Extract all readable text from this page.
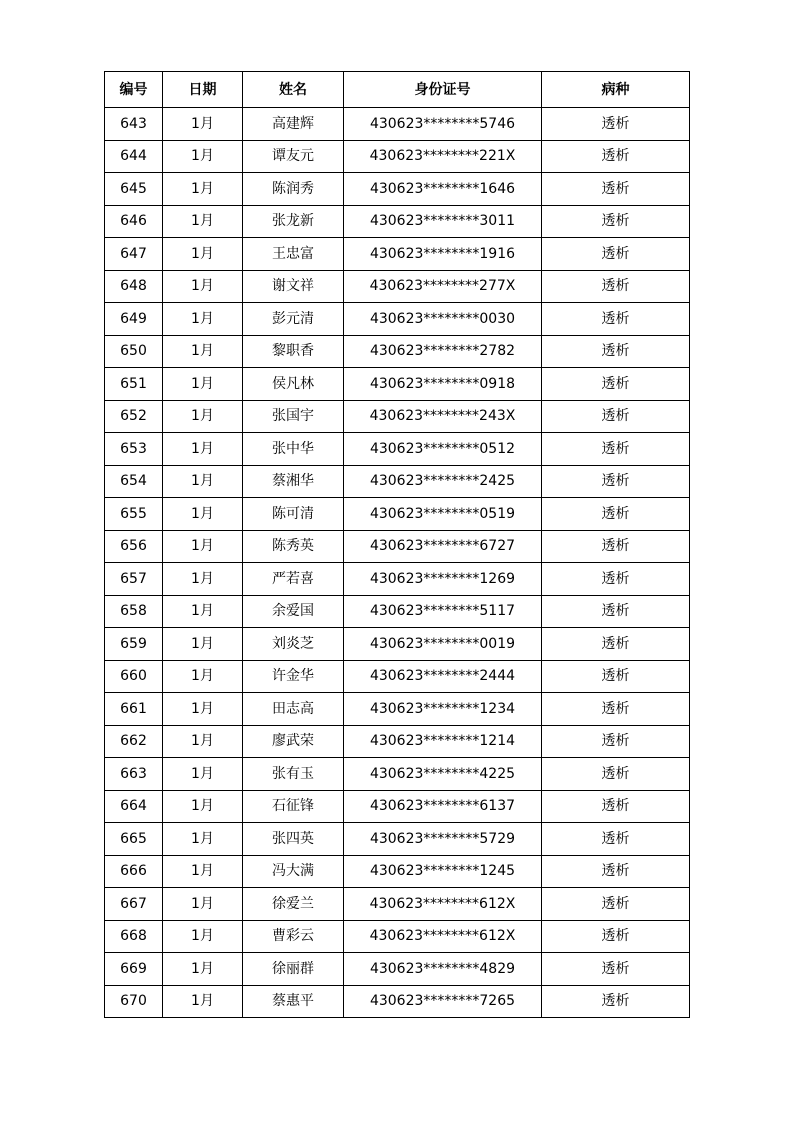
编号	日期	姓名	身份证号	病种
643	1月	高建辉	430623********5746	透析
644	1月	谭友元	430623********221X	透析
645	1月	陈润秀	430623********1646	透析
646	1月	张龙新	430623********3011	透析
647	1月	王忠富	430623********1916	透析
648	1月	谢文祥	430623********277X	透析
649	1月	彭元清	430623********0030	透析
650	1月	黎职香	430623********2782	透析
651	1月	侯凡林	430623********0918	透析
652	1月	张国宇	430623********243X	透析
653	1月	张中华	430623********0512	透析
654	1月	蔡湘华	430623********2425	透析
655	1月	陈可清	430623********0519	透析
656	1月	陈秀英	430623********6727	透析
657	1月	严若喜	430623********1269	透析
658	1月	余爱国	430623********5117	透析
659	1月	刘炎芝	430623********0019	透析
660	1月	许金华	430623********2444	透析
661	1月	田志高	430623********1234	透析
662	1月	廖武荣	430623********1214	透析
663	1月	张有玉	430623********4225	透析
664	1月	石征锋	430623********6137	透析
665	1月	张四英	430623********5729	透析
666	1月	冯大满	430623********1245	透析
667	1月	徐爱兰	430623********612X	透析
668	1月	曹彩云	430623********612X	透析
669	1月	徐丽群	430623********4829	透析
670	1月	蔡惠平	430623********7265	透析
